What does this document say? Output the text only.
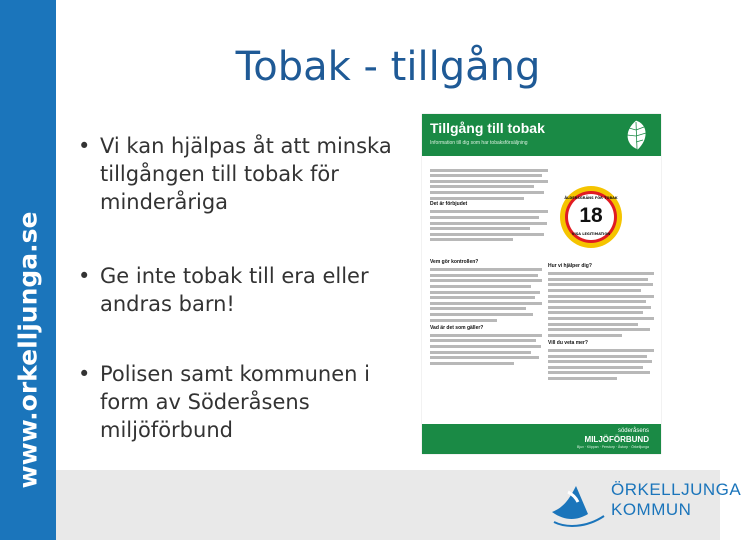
www.orkelljunga.se
Tobak - tillgång
• Vi kan hjälpas åt att minska tillgången till tobak för minderåriga
• Ge inte tobak till era eller andras barn!
• Polisen samt kommunen i form av Söderåsens miljöförbund
Tillgång till tobak
Information till dig som har tobaksförsäljning
Det är förbjudet
ÅLDERSGRÄNS FÖR TOBAK
18
VISA LEGITIMATION
Vem gör kontrollen?
Vad är det som gäller?
Hur vi hjälper dig?
Vill du veta mer?
söderåsens
MILJÖFÖRBUND
Bjuv · Klippan · Perstorp · Åstorp · Örkelljunga
ÖRKELLJUNGA
KOMMUN
